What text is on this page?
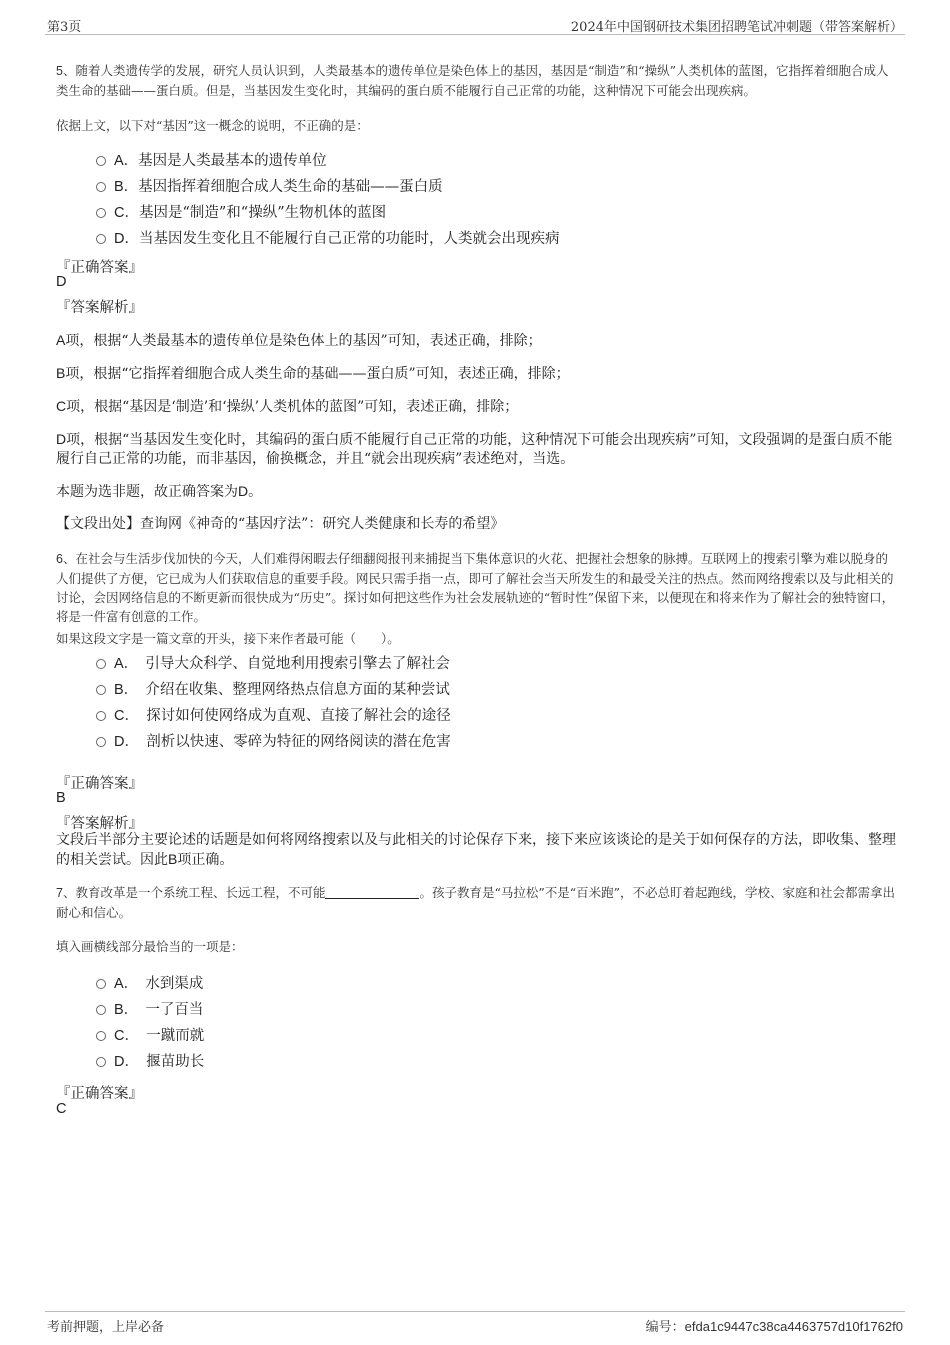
第3页	2024年中国钢研技术集团招聘笔试冲刺题（带答案解析）
5、随着人类遗传学的发展，研究人员认识到，人类最基本的遗传单位是染色体上的基因，基因是“制造”和“操纵”人类机体的蓝图，它指挥着细胞合成人类生命的基础——蛋白质。但是，当基因发生变化时，其编码的蛋白质不能履行自己正常的功能，这种情况下可能会出现疾病。
依据上文，以下对“基因”这一概念的说明，不正确的是：
A．基因是人类最基本的遗传单位
B．基因指挥着细胞合成人类生命的基础——蛋白质
C．基因是“制造”和“操纵”生物机体的蓝图
D．当基因发生变化且不能履行自己正常的功能时，人类就会出现疾病
『正确答案』
D
『答案解析』
A项，根据“人类最基本的遗传单位是染色体上的基因”可知，表述正确，排除；
B项，根据“它指挥着细胞合成人类生命的基础——蛋白质”可知，表述正确，排除；
C项，根据“基因是‘制造’和‘操纵’人类机体的蓝图”可知，表述正确，排除；
D项，根据“当基因发生变化时，其编码的蛋白质不能履行自己正常的功能，这种情况下可能会出现疾病”可知，文段强调的是蛋白质不能履行自己正常的功能，而非基因，偷换概念，并且“就会出现疾病”表述绝对，当选。
本题为选非题，故正确答案为D。
【文段出处】查询网《神奇的“基因疗法”：研究人类健康和长寿的希望》
6、在社会与生活步伐加快的今天，人们难得闲暇去仔细翻阅报刊来捕捉当下集体意识的火花、把握社会想象的脉搏。互联网上的搜索引擎为难以脱身的人们提供了方便，它已成为人们获取信息的重要手段。网民只需手指一点，即可了解社会当天所发生的和最受关注的热点。然而网络搜索以及与此相关的讨论，会因网络信息的不断更新而很快成为“历史”。探讨如何把这些作为社会发展轨迹的“暂时性”保留下来，以便现在和将来作为了解社会的独特窗口，将是一件富有创意的工作。
如果这段文字是一篇文章的开头，接下来作者最可能（　　）。
A．　引导大众科学、自觉地利用搜索引擎去了解社会
B．　介绍在收集、整理网络热点信息方面的某种尝试
C．　探讨如何使网络成为直观、直接了解社会的途径
D．　剖析以快速、零碎为特征的网络阅读的潜在危害
『正确答案』
B
『答案解析』
文段后半部分主要论述的话题是如何将网络搜索以及与此相关的讨论保存下来，接下来应该谈论的是关于如何保存的方法，即收集、整理的相关尝试。因此B项正确。
7、教育改革是一个系统工程、长远工程，不可能	。孩子教育是“马拉松”不是“百米跑”，不必总盯着起跑线，学校、家庭和社会都需拿出耐心和信心。
填入画横线部分最恰当的一项是：
A．　水到渠成
B．　一了百当
C．　一蹴而就
D．　揠苗助长
『正确答案』
C
考前押题，上岸必备	编号：efda1c9447c38ca4463757d10f1762f0
